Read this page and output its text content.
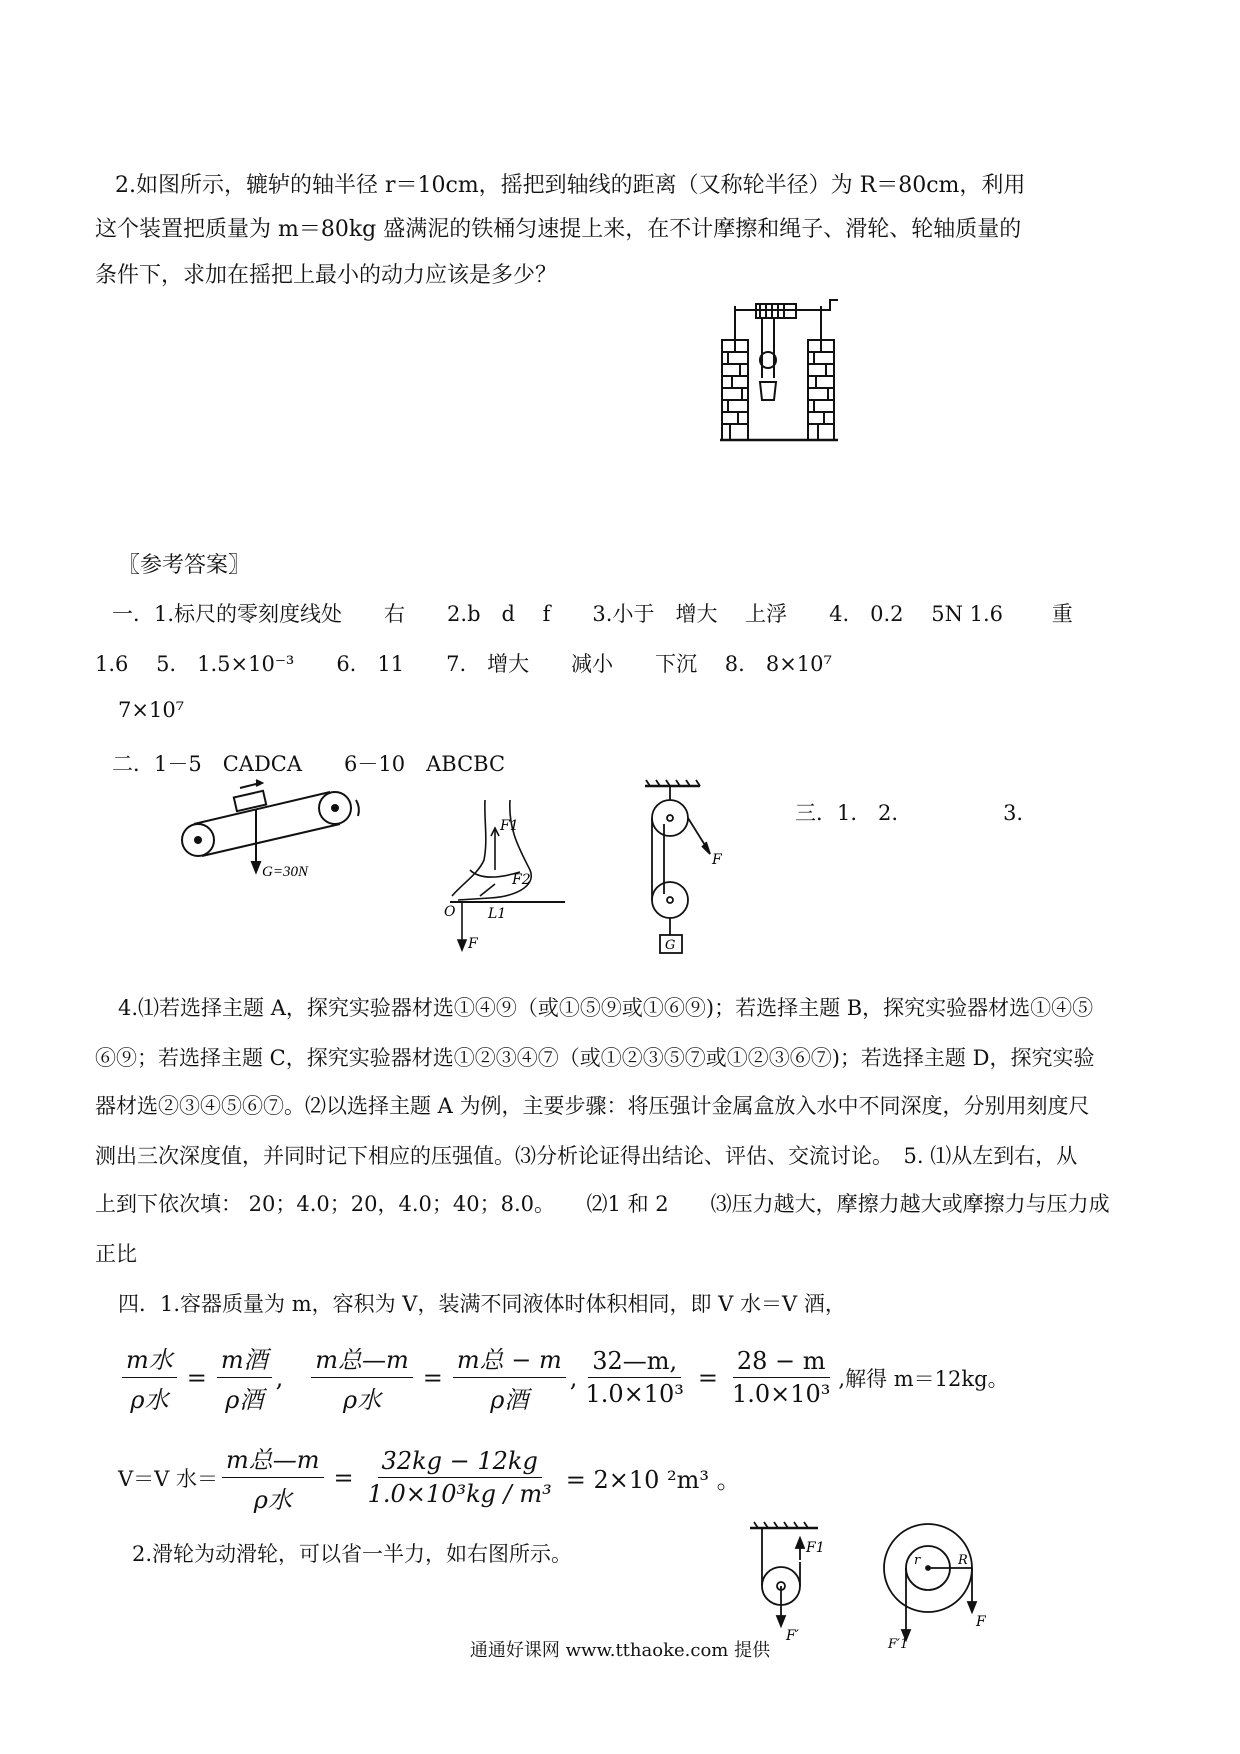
2.如图所示，辘轳的轴半径 r＝10cm，摇把到轴线的距离（又称轮半径）为 R＝80cm，利用
这个装置把质量为 m＝80kg 盛满泥的铁桶匀速提上来，在不计摩擦和绳子、滑轮、轮轴质量的
条件下，求加在摇把上最小的动力应该是多少？
〖参考答案〗
一．1.标尺的零刻度线处　　右　　2.b　d　 f　　3.小于　增大　 上浮　　4.　0.2　 5N 1.6　　 重
1.6　 5.　1.5×10⁻³　　6.　11　　7.　增大　　减小　　下沉　 8.　8×10⁷
7×10⁷
二．1－5　CADCA　　6－10　ABCBC
三．1.　2.　　　　　3.
G=30N
F1
F2
O L1
F
F
G
4.⑴若选择主题 A，探究实验器材选①④⑨（或①⑤⑨或①⑥⑨)；若选择主题 B，探究实验器材选①④⑤
⑥⑨；若选择主题 C，探究实验器材选①②③④⑦（或①②③⑤⑦或①②③⑥⑦)；若选择主题 D，探究实验
器材选②③④⑤⑥⑦。⑵以选择主题 A 为例，主要步骤：将压强计金属盒放入水中不同深度，分别用刻度尺
测出三次深度值，并同时记下相应的压强值。⑶分析论证得出结论、评估、交流讨论。　5. ⑴从左到右，从
上到下依次填： 20；4.0；20，4.0；40；8.0。　　⑵1 和 2　　⑶压力越大，摩擦力越大或摩擦力与压力成
正比
四．1.容器质量为 m，容积为 V，装满不同液体时体积相同，即 V 水＝V 酒，
$\frac{\text{m水}}{\text{ρ水}} = \frac{\text{m酒}}{\text{ρ酒}}$ , $\frac{\text{m总—m}}{\text{ρ水}} = \frac{\text{m总 − m}}{\text{ρ酒}}$ , $\frac{32—m,}{\text{1.0×10³}} = \frac{28 - m}{\text{1.0×10³}}$ ,解得 m＝12kg。
V＝V 水＝ $\frac{\text{m总—m}}{\text{ρ水}} = \frac{32kg - 12kg}{\text{1.0×10³kg / m³}} = 2\times 10$ ²m³ 。
2.滑轮为动滑轮，可以省一半力，如右图所示。	F1
F′
r	R
F
F′1
通通好课网 www.tthaoke.com 提供
